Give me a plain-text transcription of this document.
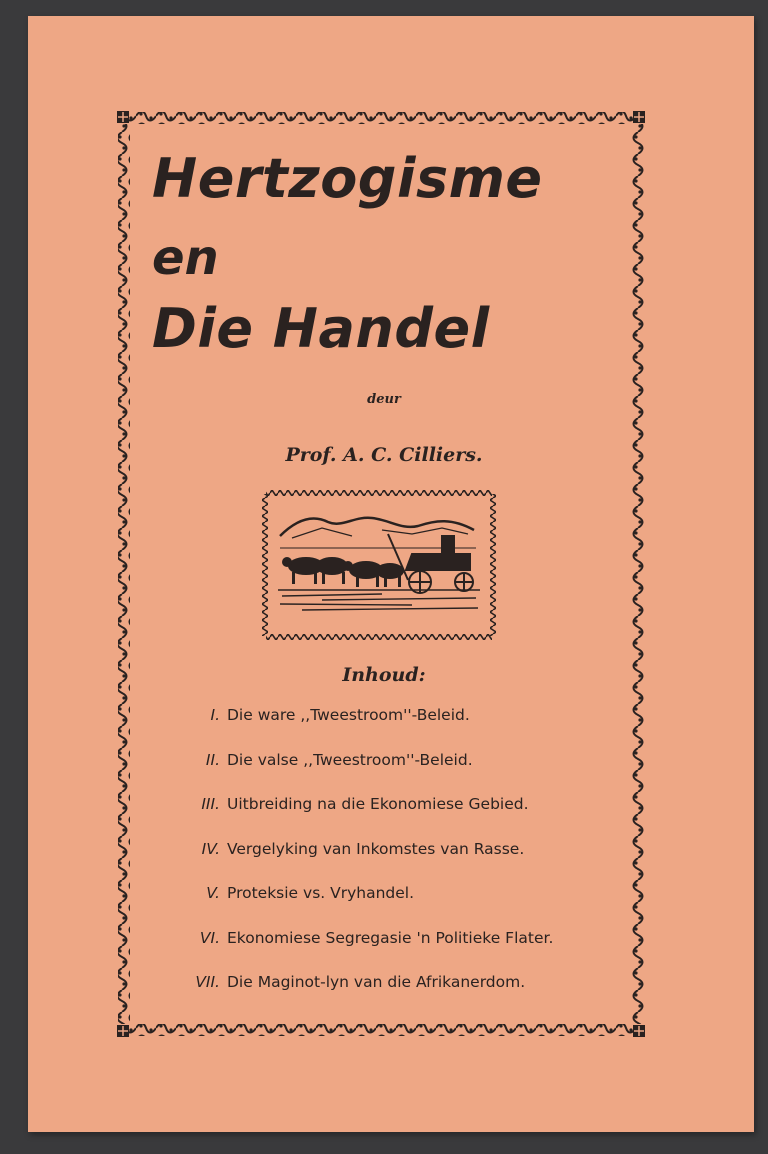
Hertzogisme
en
Die Handel
deur
Prof. A. C. Cilliers.
Inhoud:
I. Die ware ,,Tweestroom''-Beleid.
II. Die valse ,,Tweestroom''-Beleid.
III. Uitbreiding na die Ekonomiese Gebied.
IV. Vergelyking van Inkomstes van Rasse.
V. Proteksie vs. Vryhandel.
VI. Ekonomiese Segregasie 'n Politieke Flater.
VII. Die Maginot-lyn van die Afrikanerdom.
